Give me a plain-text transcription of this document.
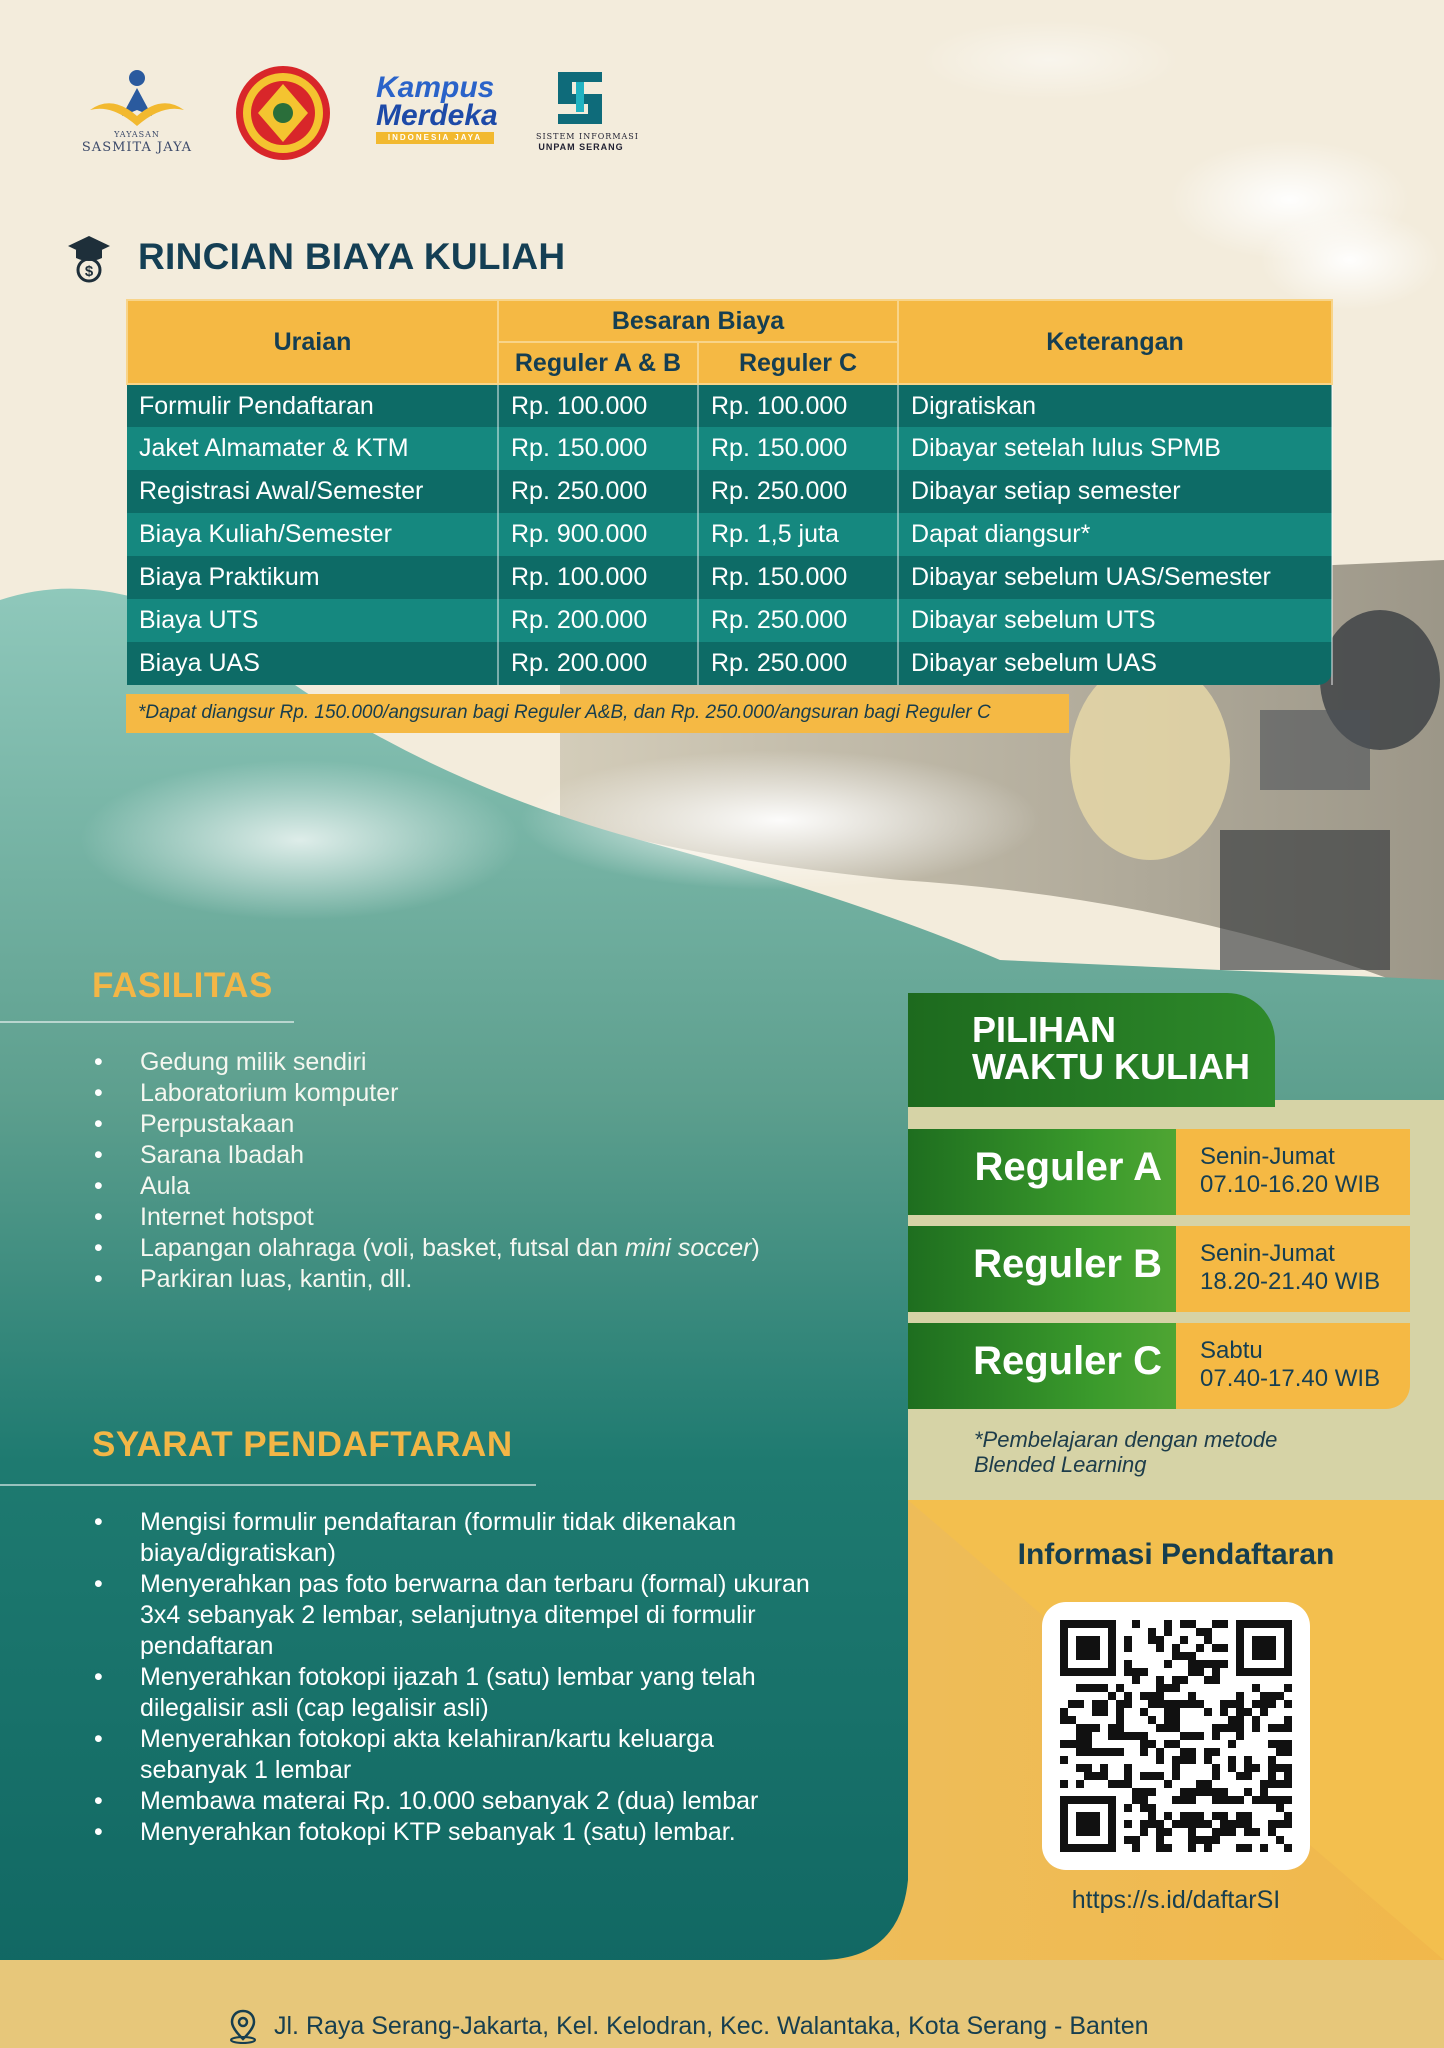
YAYASAN
SASMITA JAYA
Kampus
Merdeka
INDONESIA JAYA	SISTEM INFORMASI
UNPAM SERANG
$ RINCIAN BIAYA KULIAH
Uraian	Besaran Biaya		Keterangan
	Reguler A & B	Reguler C	
Formulir Pendaftaran	Rp. 100.000	Rp. 100.000	Digratiskan
Jaket Almamater & KTM	Rp. 150.000	Rp. 150.000	Dibayar setelah lulus SPMB
Registrasi Awal/Semester	Rp. 250.000	Rp. 250.000	Dibayar setiap semester
Biaya Kuliah/Semester	Rp. 900.000	Rp. 1,5 juta	Dapat diangsur*
Biaya Praktikum	Rp. 100.000	Rp. 150.000	Dibayar sebelum UAS/Semester
Biaya UTS	Rp. 200.000	Rp. 250.000	Dibayar sebelum UTS
Biaya UAS	Rp. 200.000	Rp. 250.000	Dibayar sebelum UAS
*Dapat diangsur Rp. 150.000/angsuran bagi Reguler A&B, dan Rp. 250.000/angsuran bagi Reguler C
FASILITAS
• Gedung milik sendiri
• Laboratorium komputer
• Perpustakaan
• Sarana Ibadah
• Aula
• Internet hotspot
• Lapangan olahraga (voli, basket, futsal dan mini soccer)
• Parkiran luas, kantin, dll.
SYARAT PENDAFTARAN
• Mengisi formulir pendaftaran (formulir tidak dikenakan biaya/digratiskan)
• Menyerahkan pas foto berwarna dan terbaru (formal) ukuran 3x4 sebanyak 2 lembar, selanjutnya ditempel di formulir pendaftaran
• Menyerahkan fotokopi ijazah 1 (satu) lembar yang telah dilegalisir asli (cap legalisir asli)
• Menyerahkan fotokopi akta kelahiran/kartu keluarga sebanyak 1 lembar
• Membawa materai Rp. 10.000 sebanyak 2 (dua) lembar
• Menyerahkan fotokopi KTP sebanyak 1 (satu) lembar.
PILIHAN
WAKTU KULIAH
Reguler A	Senin-Jumat
07.10-16.20 WIB
Reguler B	Senin-Jumat
18.20-21.40 WIB
Reguler C	Sabtu
07.40-17.40 WIB
*Pembelajaran dengan metode
Blended Learning
Informasi Pendaftaran
https://s.id/daftarSI
Jl. Raya Serang-Jakarta, Kel. Kelodran, Kec. Walantaka, Kota Serang - Banten
